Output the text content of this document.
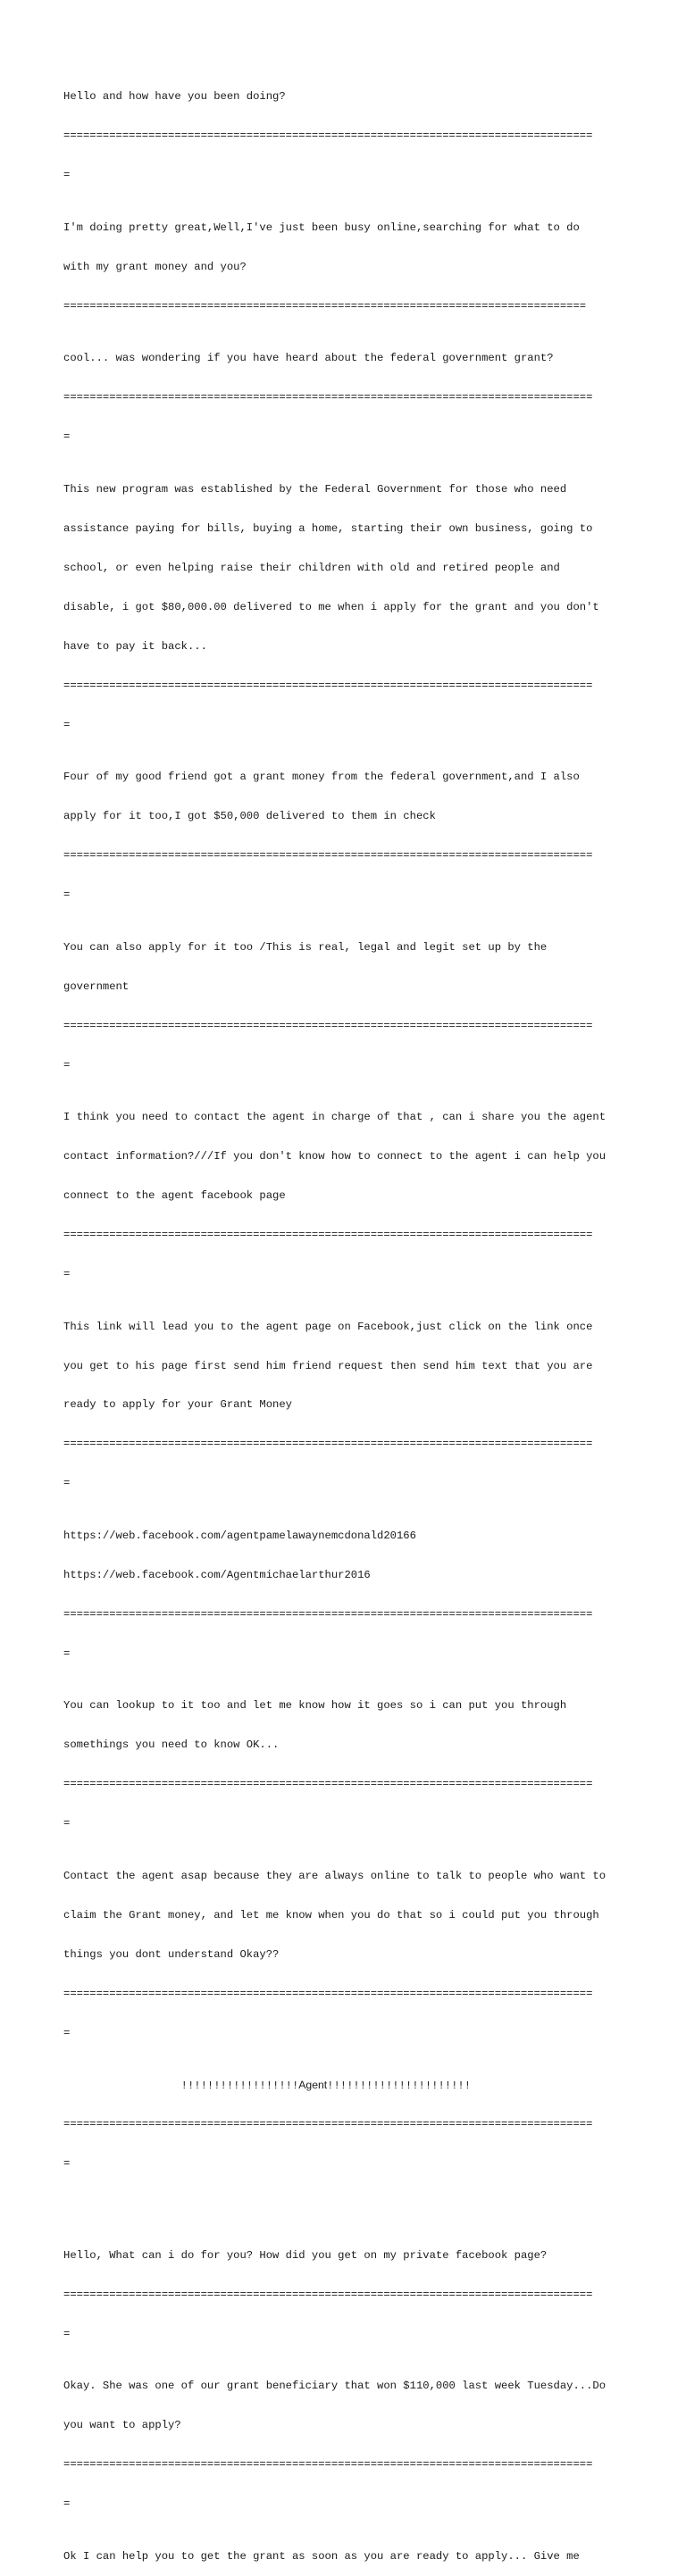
Hello and how have you been doing?

=================================================================================

=

I'm doing pretty great,Well,I've just been busy online,searching for what to do

with my grant money and you?

================================================================================

cool... was wondering if you have heard about the federal government grant?

=================================================================================

=

This new program was established by the Federal Government for those who need

assistance paying for bills, buying a home, starting their own business, going to

school, or even helping raise their children with old and retired people and

disable, i got $80,000.00 delivered to me when i apply for the grant and you don't

have to pay it back...

=================================================================================

=

Four of my good friend got a grant money from the federal government,and I also

apply for it too,I got $50,000 delivered to them in check

=================================================================================

=

You can also apply for it too /This is real, legal and legit set up by the

government

=================================================================================

=

I think you need to contact the agent in charge of that , can i share you the agent

contact information?///If you don't know how to connect to the agent i can help you

connect to the agent facebook page

=================================================================================

=

This link will lead you to the agent page on Facebook,just click on the link once

you get to his page first send him friend request then send him text that you are

ready to apply for your Grant Money

=================================================================================

=

https://web.facebook.com/agentpamelawaynemcdonald20166

https://web.facebook.com/Agentmichaelarthur2016

=================================================================================

=

You can lookup to it too and let me know how it goes so i can put you through

somethings you need to know OK...

=================================================================================

=

Contact the agent asap because they are always online to talk to people who want to

claim the Grant money, and let me know when you do that so i could put you through

things you dont understand Okay??

=================================================================================

=

!!!!!!!!!!!!!!!!!!Agent!!!!!!!!!!!!!!!!!!!!!!

=================================================================================

=

Hello, What can i do for you? How did you get on my private facebook page?

=================================================================================

=

Okay. She was one of our grant beneficiary that won $110,000 last week Tuesday...Do

you want to apply?

=================================================================================

=

Ok I can help you to get the grant as soon as you are ready to apply... Give me
